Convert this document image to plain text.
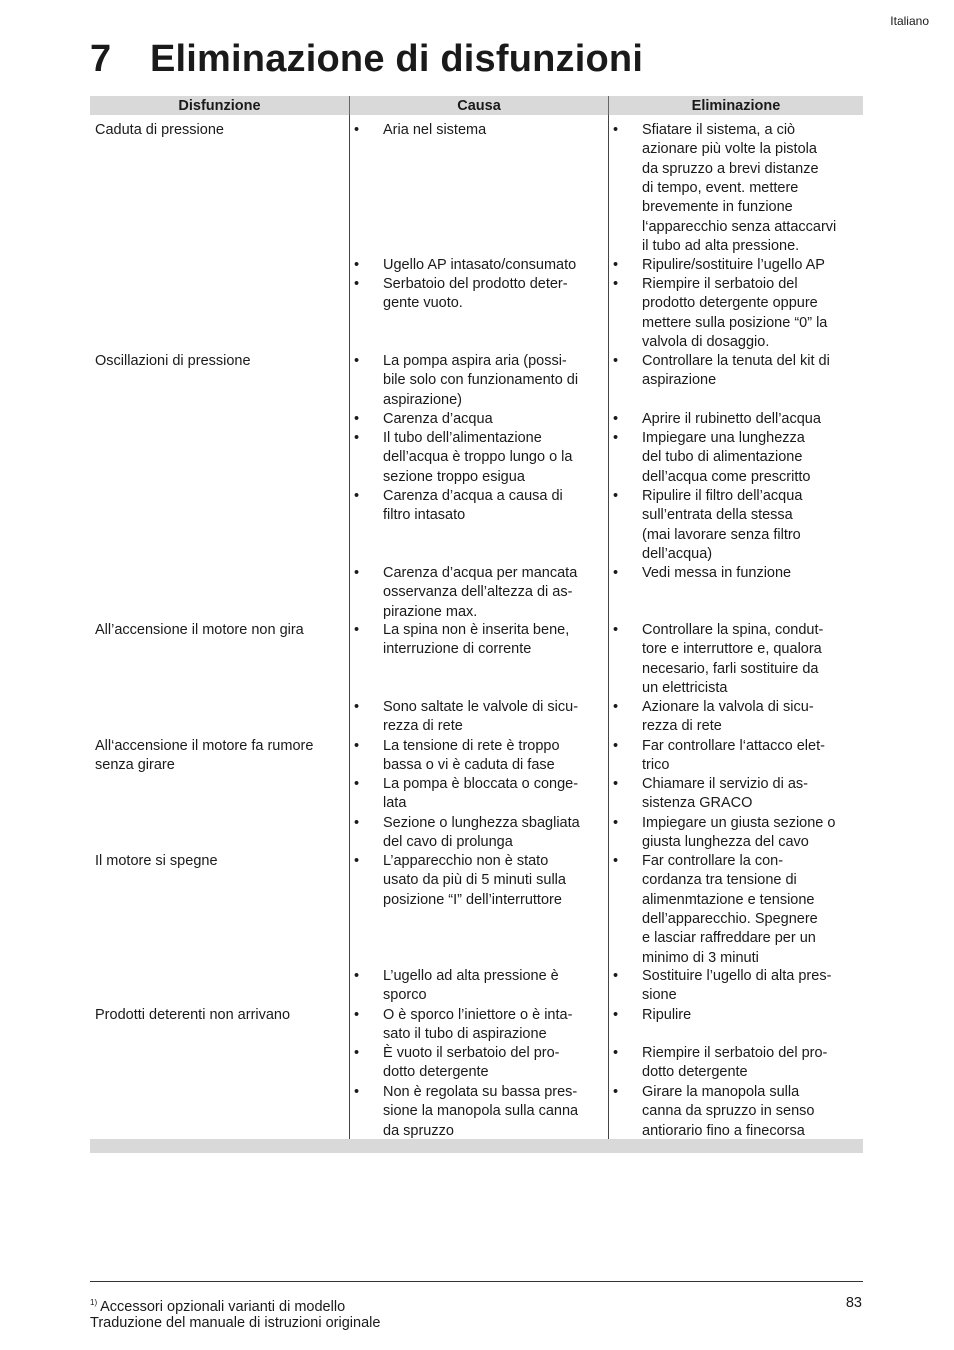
Italiano
7 Eliminazione di disfunzioni
Disfunzione	Causa	Eliminazione
Caduta di pressione
Oscillazioni di pressione
All’accensione il motore non gira
All‘accensione il motore fa rumore
senza girare
Il motore si spegne
Prodotti deterenti non arrivano
• Aria nel sistema
• Ugello AP intasato/consumato
• Serbatoio del prodotto deter-
gente vuoto.
• La pompa aspira aria (possi-
bile solo con funzionamento di
aspirazione)
• Carenza d’acqua
• Il tubo dell’alimentazione
dell’acqua è troppo lungo o la
sezione troppo esigua
• Carenza d’acqua a causa di
filtro intasato
• Carenza d’acqua per mancata
osservanza dell’altezza di as-
pirazione max.
• La spina non è inserita bene,
interruzione di corrente
• Sono saltate le valvole di sicu-
rezza di rete
• La tensione di rete è troppo
bassa o vi è caduta di fase
• La pompa è bloccata o conge-
lata
• Sezione o lunghezza sbagliata
del cavo di prolunga
• L’apparecchio non è stato
usato da più di 5 minuti sulla
posizione “I” dell’interruttore
• L’ugello ad alta pressione è
sporco
• O è sporco l’iniettore o è inta-
sato il tubo di aspirazione
• È vuoto il serbatoio del pro-
dotto detergente
• Non è regolata su bassa pres-
sione la manopola sulla canna
da spruzzo
• Sfiatare il sistema, a ciò
azionare più volte la pistola
da spruzzo a brevi distanze
di tempo, event. mettere
brevemente in funzione
l‘apparecchio senza attaccarvi
il tubo ad alta pressione.
• Ripulire/sostituire l’ugello AP
• Riempire il serbatoio del
prodotto detergente oppure
mettere sulla posizione “0” la
valvola di dosaggio.
• Controllare la tenuta del kit di
aspirazione
• Aprire il rubinetto dell’acqua
• Impiegare una lunghezza
del tubo di alimentazione
dell’acqua come prescritto
• Ripulire il filtro dell’acqua
sull’entrata della stessa
(mai lavorare senza filtro
dell’acqua)
• Vedi messa in funzione
• Controllare la spina, condut-
tore e interruttore e, qualora
necesario, farli sostituire da
un elettricista
• Azionare la valvola di sicu-
rezza di rete
• Far controllare l‘attacco elet-
trico
• Chiamare il servizio di as-
sistenza GRACO
• Impiegare un giusta sezione o
giusta lunghezza del cavo
• Far controllare la con-
cordanza tra tensione di
alimenmtazione e tensione
dell’apparecchio. Spegnere
e lasciar raffreddare per un
minimo di 3 minuti
• Sostituire l’ugello di alta pres-
sione
• Ripulire
• Riempire il serbatoio del pro-
dotto detergente
• Girare la manopola sulla
canna da spruzzo in senso
antiorario fino a finecorsa
$^{1)}$ Accessori opzionali varianti di modello
Traduzione del manuale di istruzioni originale
83
